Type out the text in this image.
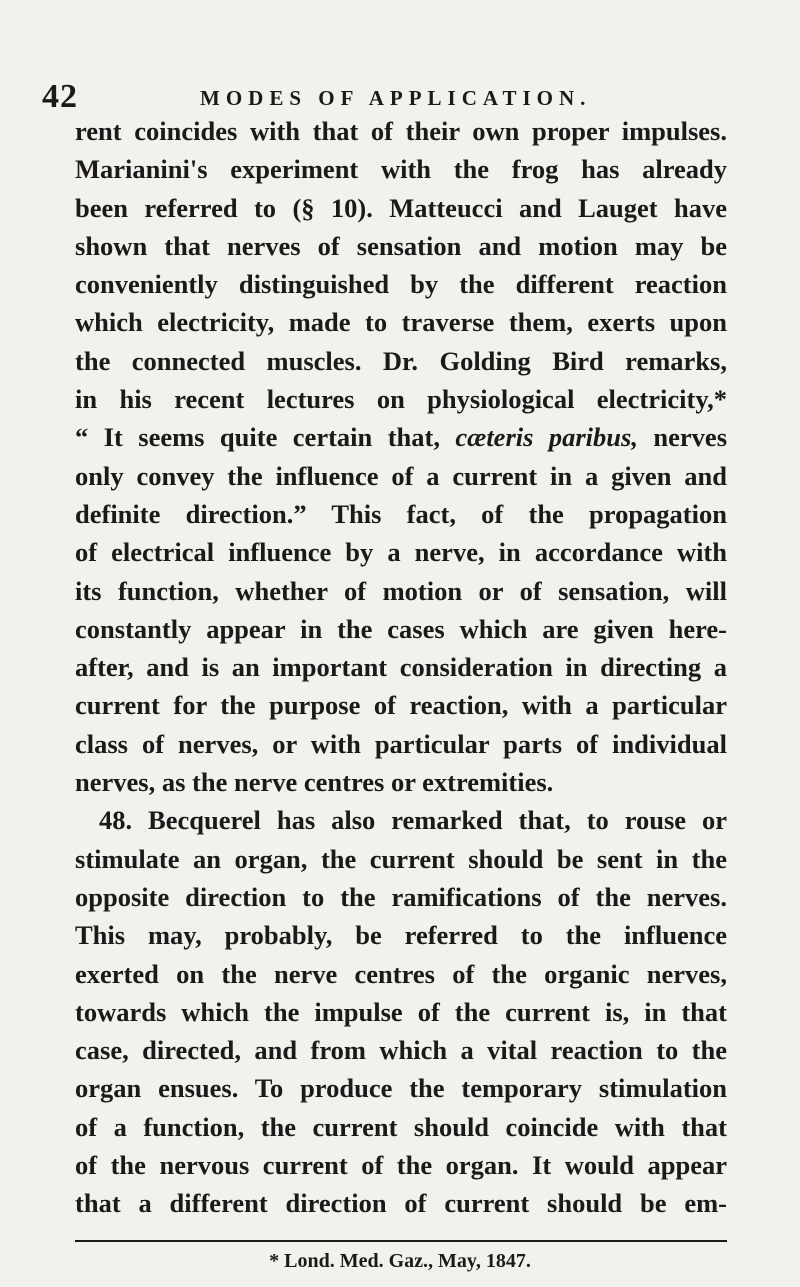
42	MODES OF APPLICATION.
rent coincides with that of their own proper impulses.
Marianini's experiment with the frog has already
been referred to (§ 10). Matteucci and Lauget have
shown that nerves of sensation and motion may be
conveniently distinguished by the different reaction
which electricity, made to traverse them, exerts upon
the connected muscles. Dr. Golding Bird remarks,
in his recent lectures on physiological electricity,*
“ It seems quite certain that, cæteris paribus, nerves
only convey the influence of a current in a given and
definite direction.” This fact, of the propagation
of electrical influence by a nerve, in accordance with
its function, whether of motion or of sensation, will
constantly appear in the cases which are given here-
after, and is an important consideration in directing a
current for the purpose of reaction, with a particular
class of nerves, or with particular parts of individual
nerves, as the nerve centres or extremities.
48. Becquerel has also remarked that, to rouse or
stimulate an organ, the current should be sent in the
opposite direction to the ramifications of the nerves.
This may, probably, be referred to the influence
exerted on the nerve centres of the organic nerves,
towards which the impulse of the current is, in that
case, directed, and from which a vital reaction to the
organ ensues. To produce the temporary stimulation
of a function, the current should coincide with that
of the nervous current of the organ. It would appear
that a different direction of current should be em-
* Lond. Med. Gaz., May, 1847.
